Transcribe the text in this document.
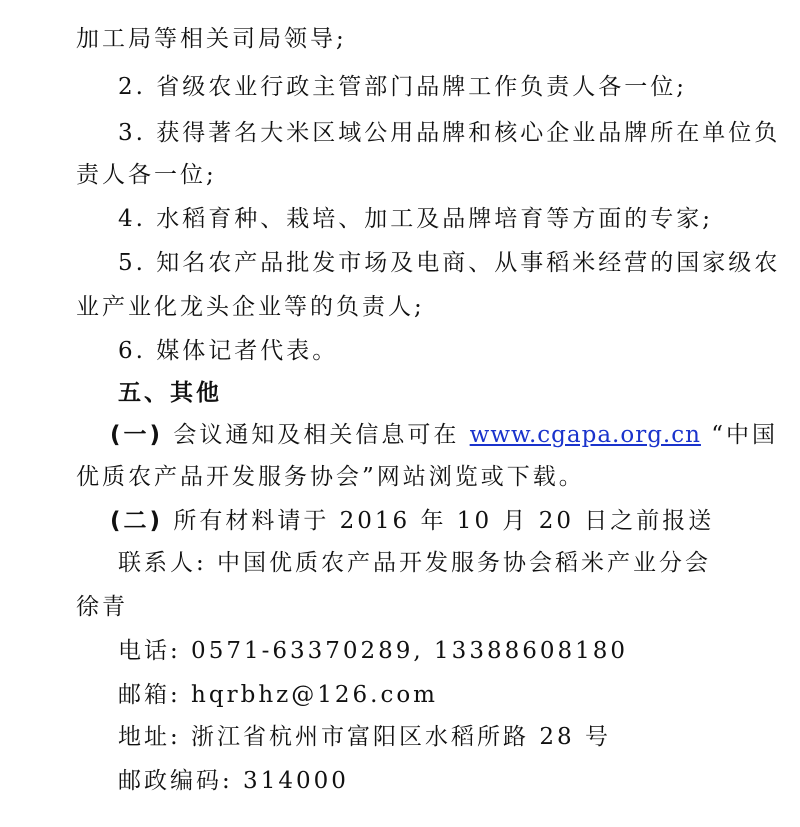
加工局等相关司局领导;
2. 省级农业行政主管部门品牌工作负责人各一位;
3. 获得著名大米区域公用品牌和核心企业品牌所在单位负
责人各一位;
4. 水稻育种、栽培、加工及品牌培育等方面的专家;
5. 知名农产品批发市场及电商、从事稻米经营的国家级农
业产业化龙头企业等的负责人;
6. 媒体记者代表。
五、其他
(一) 会议通知及相关信息可在 www.cgapa.org.cn “中国
优质农产品开发服务协会”网站浏览或下载。
(二) 所有材料请于 2016 年 10 月 20 日之前报送
联系人: 中国优质农产品开发服务协会稻米产业分会
徐青
电话: 0571-63370289, 13388608180
邮箱: hqrbhz@126.com
地址: 浙江省杭州市富阳区水稻所路 28 号
邮政编码: 314000
